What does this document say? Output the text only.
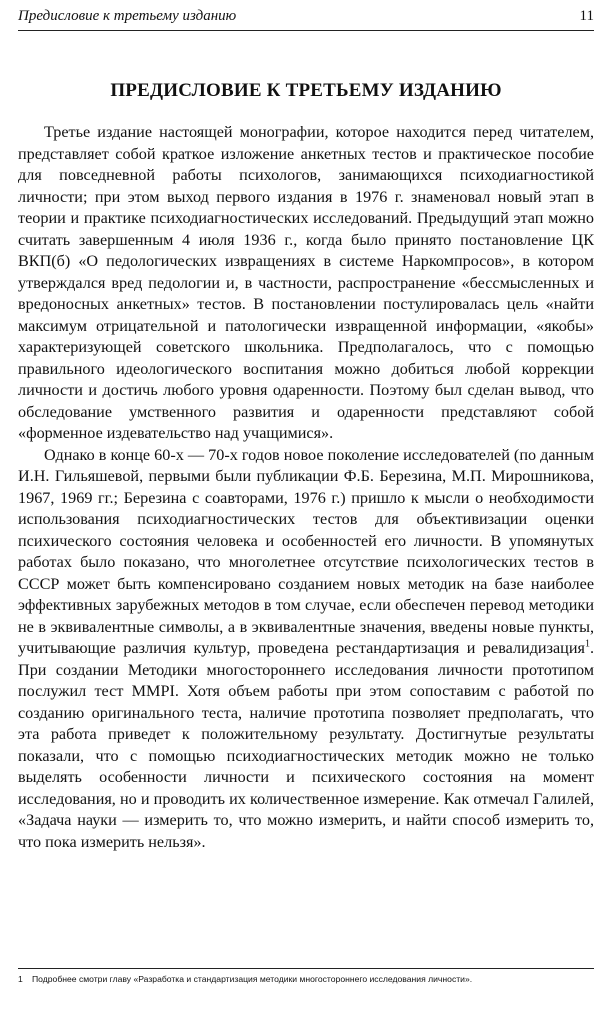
Предисловие к третьему изданию	11
ПРЕДИСЛОВИЕ К ТРЕТЬЕМУ ИЗДАНИЮ

Третье издание настоящей монографии, которое находится перед читателем, представляет собой краткое изложение анкетных тестов и практическое пособие для повседневной работы психологов, занимающихся психодиагностикой личности; при этом выход первого издания в 1976 г. знаменовал новый этап в теории и практике психодиагностических исследований. Предыдущий этап можно считать завершенным 4 июля 1936 г., когда было принято постановление ЦК ВКП(б) «О педологических извращениях в системе Наркомпросов», в котором утверждался вред педологии и, в частности, распространение «бессмысленных и вредоносных анкетных» тестов. В постановлении постулировалась цель «найти максимум отрицательной и патологически извращенной информации, «якобы» характеризующей советского школьника. Предполагалось, что с помощью правильного идеологического воспитания можно добиться любой коррекции личности и достичь любого уровня одаренности. Поэтому был сделан вывод, что обследование умственного развития и одаренности представляют собой «форменное издевательство над учащимися».

Однако в конце 60-х — 70-х годов новое поколение исследователей (по данным И.Н. Гильяшевой, первыми были публикации Ф.Б. Березина, М.П. Мирошникова, 1967, 1969 гг.; Березина с соавторами, 1976 г.) пришло к мысли о необходимости использования психодиагностических тестов для объективизации оценки психического состояния человека и особенностей его личности. В упомянутых работах было показано, что многолетнее отсутствие психологических тестов в СССР может быть компенсировано созданием новых методик на базе наиболее эффективных зарубежных методов в том случае, если обеспечен перевод методики не в эквивалентные символы, а в эквивалентные значения, введены новые пункты, учитывающие различия культур, проведена рестандартизация и ревалидизация$^1$. При создании Методики многостороннего исследования личности прототипом послужил тест MMPI. Хотя объем работы при этом сопоставим с работой по созданию оригинального теста, наличие прототипа позволяет предполагать, что эта работа приведет к положительному результату. Достигнутые результаты показали, что с помощью психодиагностических методик можно не только выделять особенности личности и психического состояния на момент исследования, но и проводить их количественное измерение. Как отмечал Галилей, «Задача науки — измерить то, что можно измерить, и найти способ измерить то, что пока измерить нельзя».

1 Подробнее смотри главу «Разработка и стандартизация методики многостороннего исследования личности».
